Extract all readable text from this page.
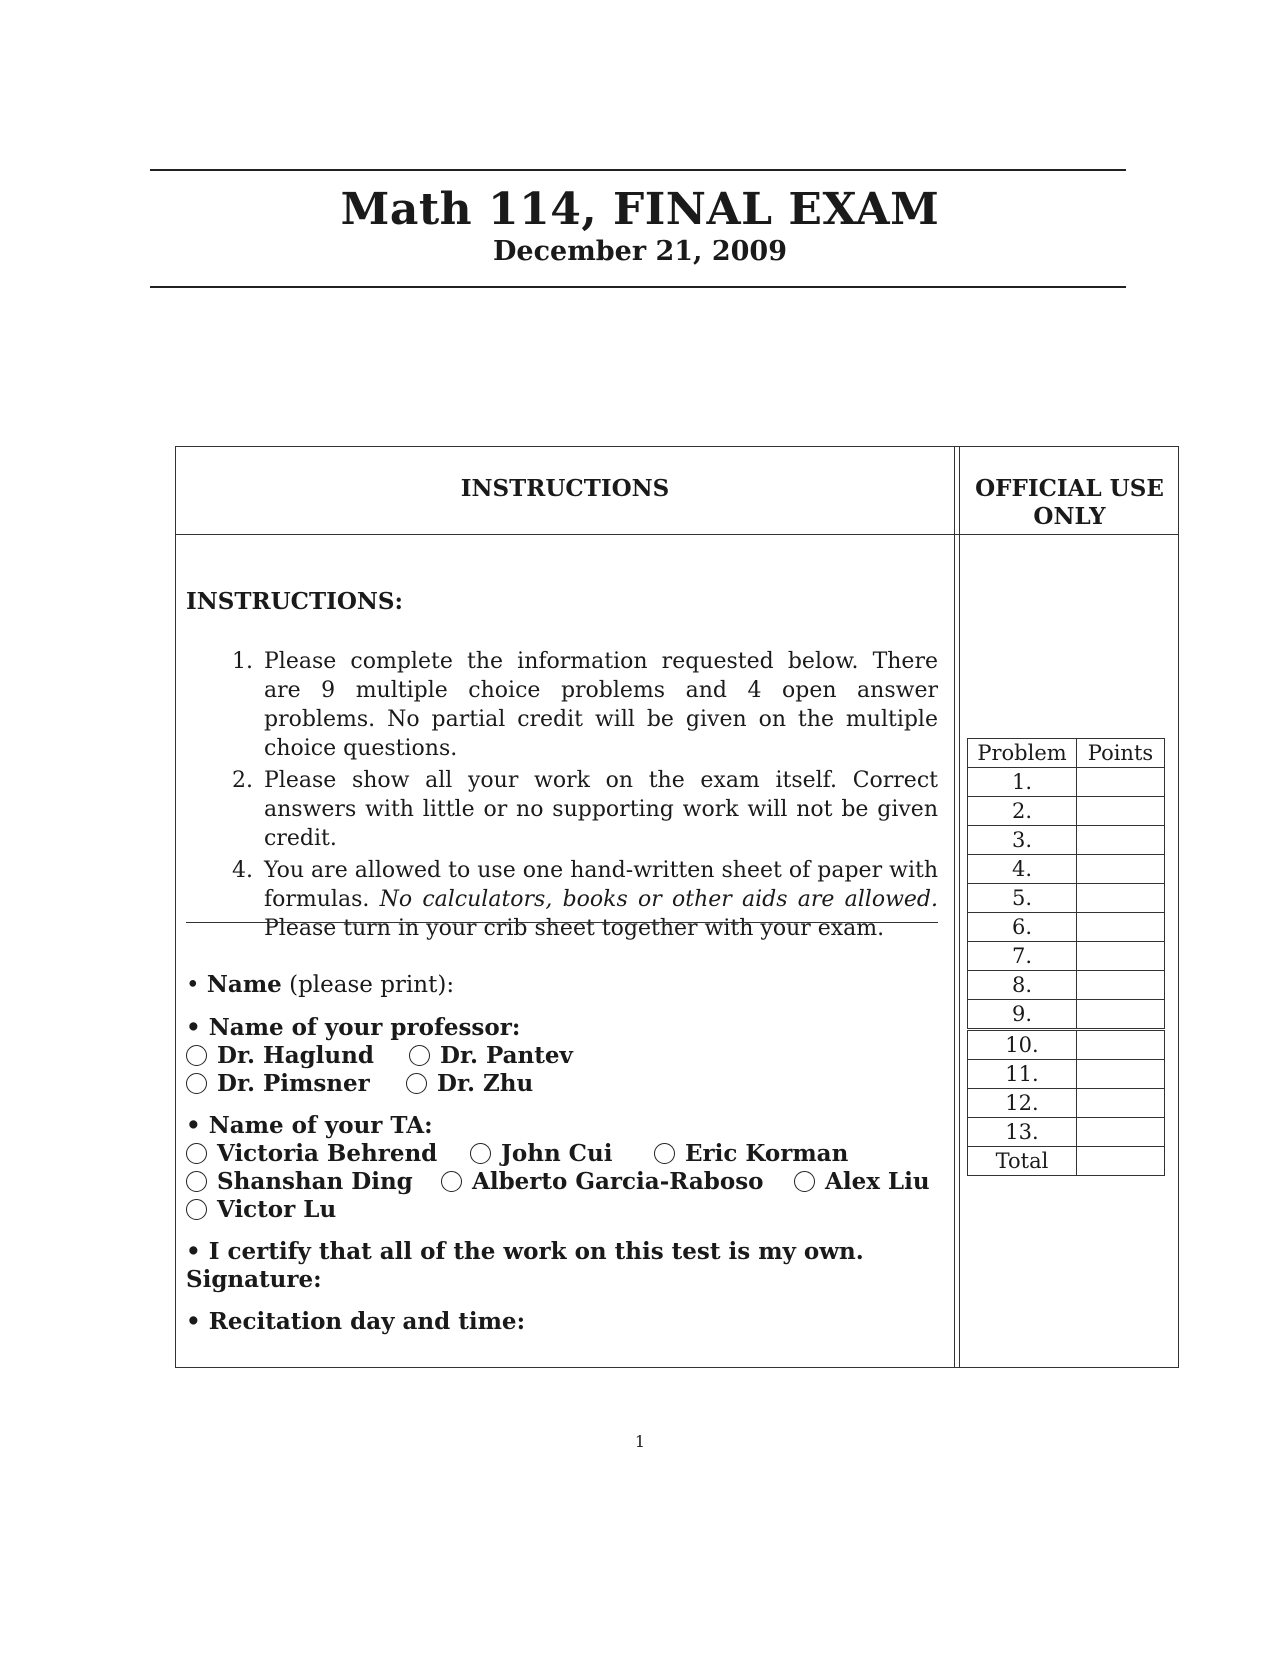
Math 114, FINAL EXAM
December 21, 2009
INSTRUCTIONS	OFFICIAL USE ONLY
INSTRUCTIONS:
1. Please complete the information requested below. There are 9 multiple choice problems and 4 open answer problems. No partial credit will be given on the multiple choice questions.
2. Please show all your work on the exam itself. Correct answers with little or no supporting work will not be given credit.
4. You are allowed to use one hand-written sheet of paper with formulas. No calculators, books or other aids are allowed. Please turn in your crib sheet together with your exam.
• Name (please print):
• Name of your professor:
Dr. Haglund	Dr. Pantev
Dr. Pimsner	Dr. Zhu
• Name of your TA:
Victoria Behrend	John Cui	Eric Korman
Shanshan Ding	Alberto Garcia-Raboso	Alex Liu
Victor Lu
• I certify that all of the work on this test is my own.
Signature:
• Recitation day and time:
Problem	Points
1.	
2.	
3.	
4.	
5.	
6.	
7.	
8.	
9.	
10.	
11.	
12.	
13.	
Total	
1
